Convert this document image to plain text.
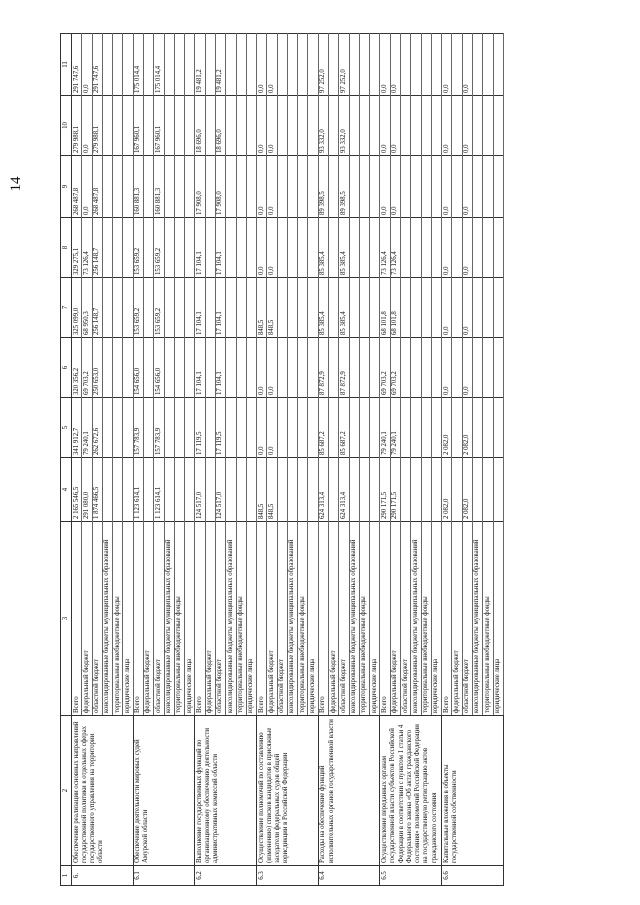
14
1	2	3	4	5	6	7	8	9	10	11
6.	Обеспечение реализации основных направлений государственной политики в отдельных сферах государственного управления на территории области	Всего	2 165 546,5	341 912,7	320 356,2	325 099,0	329 275,1	268 487,8	279 988,1	291 747,6
		федеральный бюджет	291 080,0	79 240,1	69 703,2	68 950,3	73 126,4	0,0	0,0	0,0
		областной бюджет	1 874 466,5	262 672,6	250 653,0	256 148,7	256 148,7	268 487,8	279 988,1	291 747,6
		консолидированные бюджеты муниципальных образований								
		территориальные внебюджетные фонды								
		юридические лица								
6.1	Обеспечение деятельности мировых судей Амурской области	Всего	1 123 614,1	157 783,9	154 656,0	153 659,2	153 659,2	160 881,3	167 960,1	175 014,4
		федеральный бюджет								
		областной бюджет	1 123 614,1	157 783,9	154 656,0	153 659,2	153 659,2	160 881,3	167 960,1	175 014,4
		консолидированные бюджеты муниципальных образований								
		территориальные внебюджетные фонды								
		юридические лица								
6.2	Выполнение государственных функций по организационному обеспечению деятельности административных комиссий области	Всего	124 517,0	17 119,5	17 104,1	17 104,1	17 104,1	17 908,0	18 696,0	19 481,2
		федеральный бюджет								
		областной бюджет	124 517,0	17 119,5	17 104,1	17 104,1	17 104,1	17 908,0	18 696,0	19 481,2
		консолидированные бюджеты муниципальных образований								
		территориальные внебюджетные фонды								
		юридические лица								
6.3	Осуществление полномочий по составлению (изменению) списков кандидатов в присяжные заседатели федеральных судов общей юрисдикции в Российской Федерации	Всего	848,5	0,0	0,0	848,5	0,0	0,0	0,0	0,0
		федеральный бюджет	848,5	0,0	0,0	848,5	0,0	0,0	0,0	0,0
		областной бюджет								
		консолидированные бюджеты муниципальных образований								
		территориальные внебюджетные фонды								
		юридические лица								
6.4	Расходы на обеспечение функций исполнительных органов государственной власти	Всего	624 313,4	85 687,2	87 872,9	85 385,4	85 385,4	89 398,5	93 332,0	97 252,0
		федеральный бюджет								
		областной бюджет	624 313,4	85 687,2	87 872,9	85 385,4	85 385,4	89 398,5	93 332,0	97 252,0
		консолидированные бюджеты муниципальных образований								
		территориальные внебюджетные фонды								
		юридические лица								
6.5	Осуществление переданных органам государственной власти субъектов Российской Федерации в соответствии с пунктом 1 статьи 4 Федерального закона «Об актах гражданского состояния» полномочий Российской Федерации на государственную регистрацию актов гражданского состояния	Всего	290 171,5	79 240,1	69 703,2	68 101,8	73 126,4	0,0	0,0	0,0
		федеральный бюджет	290 171,5	79 240,1	69 703,2	68 101,8	73 126,4	0,0	0,0	0,0
		областной бюджет								
		консолидированные бюджеты муниципальных образований								
		территориальные внебюджетные фонды								
		юридические лица								
6.6	Капитальные вложения в объекты государственной собственности	Всего	2 082,0	2 082,0	0,0	0,0	0,0	0,0	0,0	0,0
		федеральный бюджет								
		областной бюджет	2 082,0	2 082,0	0,0	0,0	0,0	0,0	0,0	0,0
		консолидированные бюджеты муниципальных образований								
		территориальные внебюджетные фонды								
		юридические лица								
